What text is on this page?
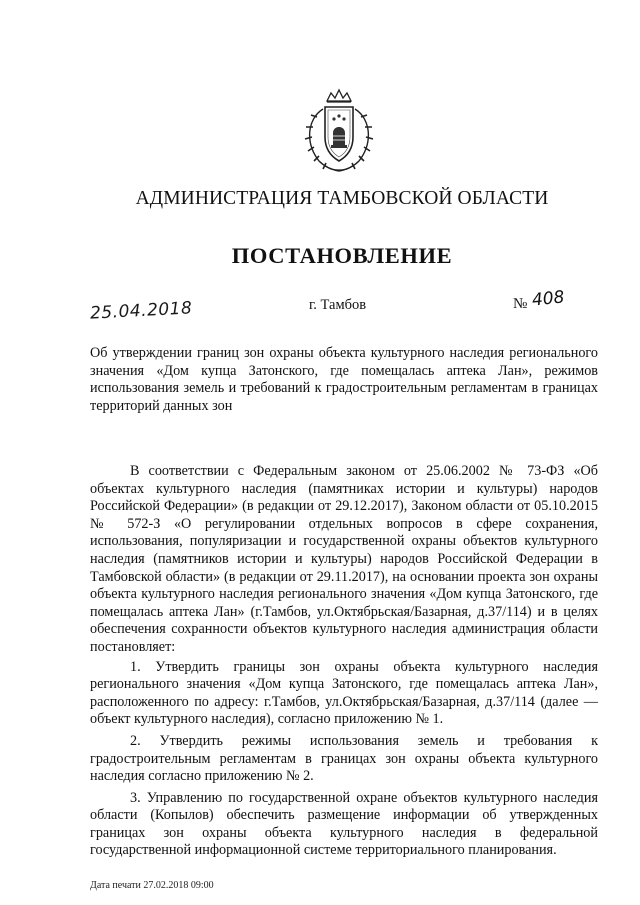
АДМИНИСТРАЦИЯ ТАМБОВСКОЙ ОБЛАСТИ
ПОСТАНОВЛЕНИЕ
25.04.2018	г. Тамбов	№ 408
Об утверждении границ зон охраны объекта культурного наследия регионального значения «Дом купца Затонского, где помещалась аптека Лан», режимов использования земель и требований к градостроительным регламентам в границах территорий данных зон

В соответствии с Федеральным законом от 25.06.2002 № 73-ФЗ «Об объектах культурного наследия (памятниках истории и культуры) народов Российской Федерации» (в редакции от 29.12.2017), Законом области от 05.10.2015 № 572-З «О регулировании отдельных вопросов в сфере сохранения, использования, популяризации и государственной охраны объектов культурного наследия (памятников истории и культуры) народов Российской Федерации в Тамбовской области» (в редакции от 29.11.2017), на основании проекта зон охраны объекта культурного наследия регионального значения «Дом купца Затонского, где помещалась аптека Лан» (г.Тамбов, ул.Октябрьская/Базарная, д.37/114) и в целях обеспечения сохранности объектов культурного наследия администрация области постановляет:

1. Утвердить границы зон охраны объекта культурного наследия регионального значения «Дом купца Затонского, где помещалась аптека Лан», расположенного по адресу: г.Тамбов, ул.Октябрьская/Базарная, д.37/114 (далее — объект культурного наследия), согласно приложению № 1.

2. Утвердить режимы использования земель и требования к градостроительным регламентам в границах зон охраны объекта культурного наследия согласно приложению № 2.

3. Управлению по государственной охране объектов культурного наследия области (Копылов) обеспечить размещение информации об утвержденных границах зон охраны объекта культурного наследия в федеральной государственной информационной системе территориального планирования.

Дата печати 27.02.2018 09:00
